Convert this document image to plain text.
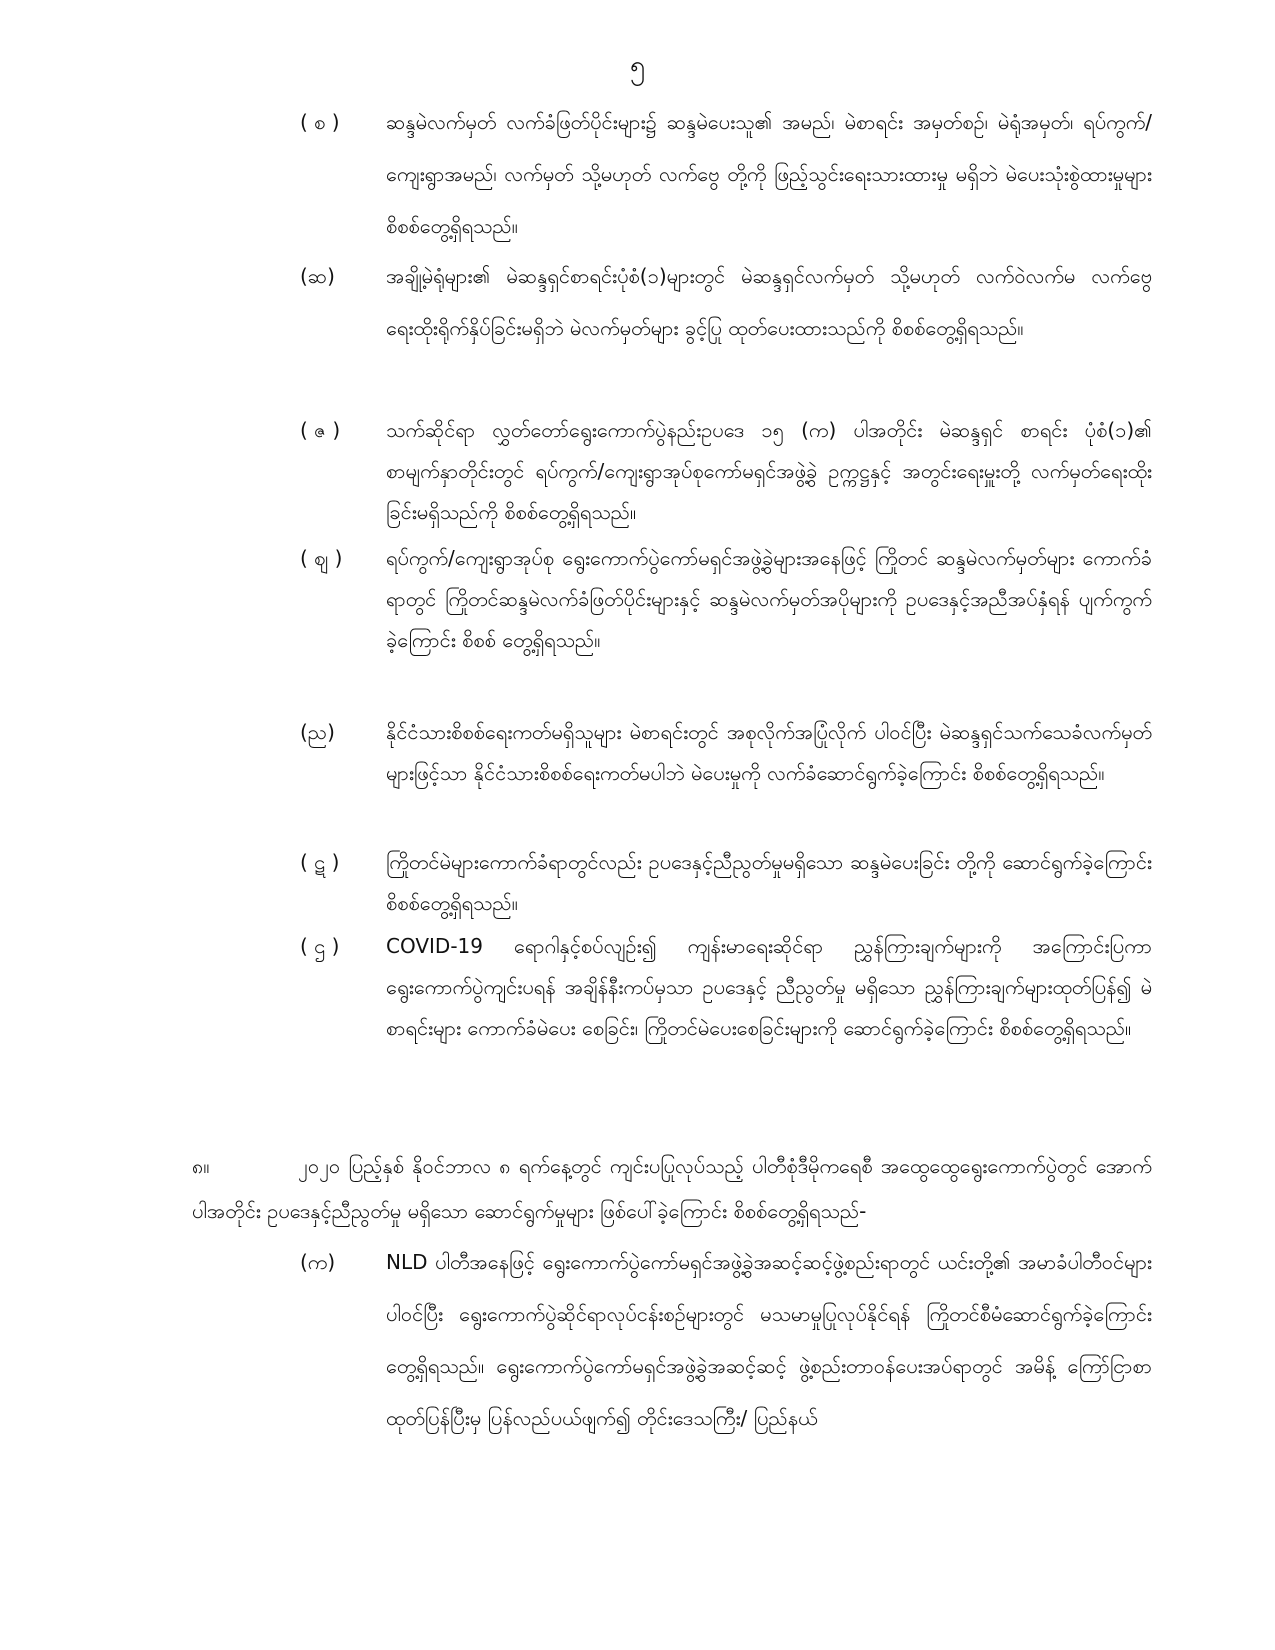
၅
( စ )	ဆန္ဒမဲလက်မှတ် လက်ခံဖြတ်ပိုင်းများ၌ ဆန္ဒမဲပေးသူ၏ အမည်၊ မဲစာရင်း အမှတ်စဉ်၊ မဲရုံအမှတ်၊ ရပ်ကွက်/ကျေးရွာအမည်၊ လက်မှတ် သို့မဟုတ် လက်ဗွေ တို့ကို ဖြည့်သွင်းရေးသားထားမှု မရှိဘဲ မဲပေးသုံးစွဲထားမှုများ စိစစ်တွေ့ရှိရသည်။
(ဆ)	အချို့မဲရုံများ၏ မဲဆန္ဒရှင်စာရင်းပုံစံ(၁)များတွင် မဲဆန္ဒရှင်လက်မှတ် သို့မဟုတ် လက်ဝဲလက်မ လက်ဗွေ ရေးထိုးရိုက်နှိပ်ခြင်းမရှိဘဲ မဲလက်မှတ်များ ခွင့်ပြု ထုတ်ပေးထားသည်ကို စိစစ်တွေ့ရှိရသည်။
( ဇ )	သက်ဆိုင်ရာ လွှတ်တော်ရွေးကောက်ပွဲနည်းဥပဒေ ၁၅ (က) ပါအတိုင်း မဲဆန္ဒရှင် စာရင်း ပုံစံ(၁)၏ စာမျက်နှာတိုင်းတွင် ရပ်ကွက်/ကျေးရွာအုပ်စုကော်မရှင်အဖွဲ့ခွဲ ဥက္ကဋ္ဌနှင့် အတွင်းရေးမှူးတို့ လက်မှတ်ရေးထိုးခြင်းမရှိသည်ကို စိစစ်တွေ့ရှိရသည်။
( ဈ )	ရပ်ကွက်/ကျေးရွာအုပ်စု ရွေးကောက်ပွဲကော်မရှင်အဖွဲ့ခွဲများအနေဖြင့် ကြိုတင် ဆန္ဒမဲလက်မှတ်များ ကောက်ခံရာတွင် ကြိုတင်ဆန္ဒမဲလက်ခံဖြတ်ပိုင်းများနှင့် ဆန္ဒမဲလက်မှတ်အပိုများကို ဥပဒေနှင့်အညီအပ်နှံရန် ပျက်ကွက်ခဲ့ကြောင်း စိစစ် တွေ့ရှိရသည်။
(ည)	နိုင်ငံသားစိစစ်ရေးကတ်မရှိသူများ မဲစာရင်းတွင် အစုလိုက်အပြုံလိုက် ပါဝင်ပြီး မဲဆန္ဒရှင်သက်သေခံလက်မှတ်များဖြင့်သာ နိုင်ငံသားစိစစ်ရေးကတ်မပါဘဲ မဲပေးမှုကို လက်ခံဆောင်ရွက်ခဲ့ကြောင်း စိစစ်တွေ့ရှိရသည်။
( ဋ )	ကြိုတင်မဲများကောက်ခံရာတွင်လည်း ဥပဒေနှင့်ညီညွတ်မှုမရှိသော ဆန္ဒမဲပေးခြင်း တို့ကို ဆောင်ရွက်ခဲ့ကြောင်း စိစစ်တွေ့ရှိရသည်။
( ဌ )	COVID-19 ရောဂါနှင့်စပ်လျဉ်း၍ ကျန်းမာရေးဆိုင်ရာ ညွှန်ကြားချက်များကို အကြောင်းပြကာ ရွေးကောက်ပွဲကျင်းပရန် အချိန်နီးကပ်မှသာ ဥပဒေနှင့် ညီညွတ်မှု မရှိသော ညွှန်ကြားချက်များထုတ်ပြန်၍ မဲစာရင်းများ ကောက်ခံမဲပေး စေခြင်း၊ ကြိုတင်မဲပေးစေခြင်းများကို ဆောင်ရွက်ခဲ့ကြောင်း စိစစ်တွေ့ရှိရသည်။
၈။	၂၀၂၀ ပြည့်နှစ် နိုဝင်ဘာလ ၈ ရက်နေ့တွင် ကျင်းပပြုလုပ်သည့် ပါတီစုံဒီမိုကရေစီ အထွေထွေရွေးကောက်ပွဲတွင် အောက်ပါအတိုင်း ဥပဒေနှင့်ညီညွတ်မှု မရှိသော ဆောင်ရွက်မှုများ ဖြစ်ပေါ်ခဲ့ကြောင်း စိစစ်တွေ့ရှိရသည်-
(က)	NLD ပါတီအနေဖြင့် ရွေးကောက်ပွဲကော်မရှင်အဖွဲ့ခွဲအဆင့်ဆင့်ဖွဲ့စည်းရာတွင် ယင်းတို့၏ အမာခံပါတီဝင်များ ပါဝင်ပြီး ရွေးကောက်ပွဲဆိုင်ရာလုပ်ငန်းစဉ်များတွင် မသမာမှုပြုလုပ်နိုင်ရန် ကြိုတင်စီမံဆောင်ရွက်ခဲ့ကြောင်း တွေ့ရှိရသည်။ ရွေးကောက်ပွဲကော်မရှင်အဖွဲ့ခွဲအဆင့်ဆင့် ဖွဲ့စည်းတာဝန်ပေးအပ်ရာတွင် အမိန့် ကြော်ငြာစာထုတ်ပြန်ပြီးမှ ပြန်လည်ပယ်ဖျက်၍ တိုင်းဒေသကြီး/ ပြည်နယ်
